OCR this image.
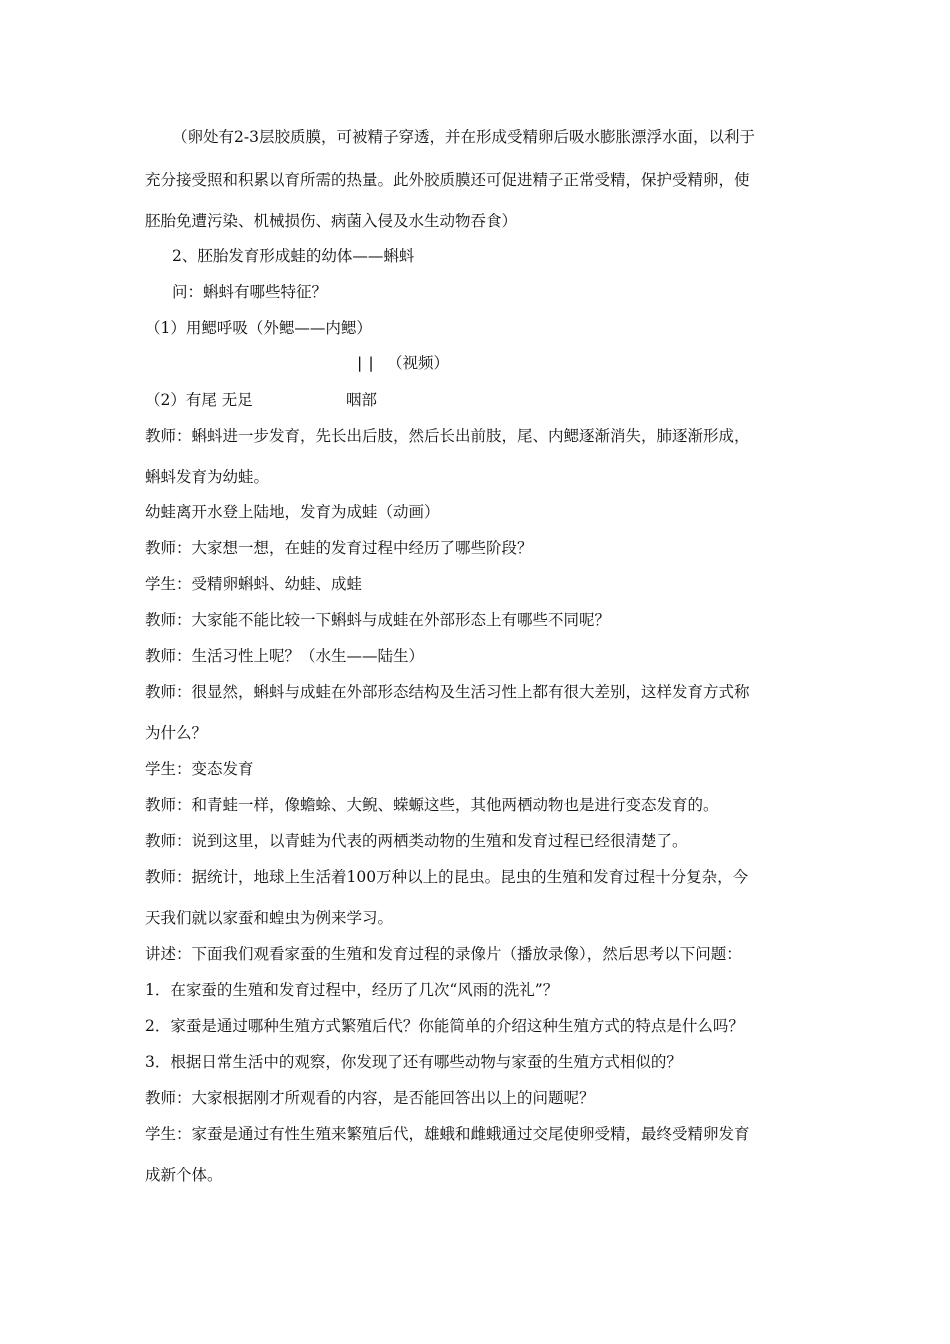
（卵处有2-3层胶质膜，可被精子穿透，并在形成受精卵后吸水膨胀漂浮水面，以利于
充分接受照和积累以育所需的热量。此外胶质膜还可促进精子正常受精，保护受精卵，使
胚胎免遭污染、机械损伤、病菌入侵及水生动物吞食）
2、胚胎发育形成蛙的幼体——蝌蚪
问：蝌蚪有哪些特征？
（1）用鳃呼吸（外鳃——内鳃）
|| （视频）
（2）有尾 无足	咽部
教师：蝌蚪进一步发育，先长出后肢，然后长出前肢，尾、内鳃逐渐消失，肺逐渐形成，
蝌蚪发育为幼蛙。
幼蛙离开水登上陆地，发育为成蛙（动画）
教师：大家想一想，在蛙的发育过程中经历了哪些阶段？
学生：受精卵蝌蚪、幼蛙、成蛙
教师：大家能不能比较一下蝌蚪与成蛙在外部形态上有哪些不同呢？
教师：生活习性上呢？（水生——陆生）
教师：很显然，蝌蚪与成蛙在外部形态结构及生活习性上都有很大差别，这样发育方式称
为什么？
学生：变态发育
教师：和青蛙一样，像蟾蜍、大鲵、蝾螈这些，其他两栖动物也是进行变态发育的。
教师：说到这里，以青蛙为代表的两栖类动物的生殖和发育过程已经很清楚了。
教师：据统计，地球上生活着100万种以上的昆虫。昆虫的生殖和发育过程十分复杂，今
天我们就以家蚕和蝗虫为例来学习。
讲述：下面我们观看家蚕的生殖和发育过程的录像片（播放录像），然后思考以下问题：
1．在家蚕的生殖和发育过程中，经历了几次“风雨的洗礼”？
2．家蚕是通过哪种生殖方式繁殖后代？你能简单的介绍这种生殖方式的特点是什么吗？
3．根据日常生活中的观察，你发现了还有哪些动物与家蚕的生殖方式相似的？
教师：大家根据刚才所观看的内容，是否能回答出以上的问题呢？
学生：家蚕是通过有性生殖来繁殖后代，雄蛾和雌蛾通过交尾使卵受精，最终受精卵发育
成新个体。
